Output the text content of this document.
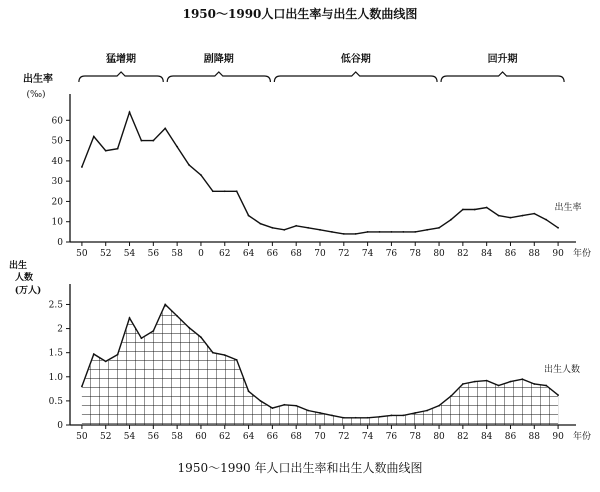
1950～1990人口出生率与出生人数曲线图
猛增期	剧降期	低谷期	回升期
0
10
20
30
40
50
60
50 52 54 56 58 0 62 64 66 68 70 72 74 76 78 80 82 84 86 88 90 年份
出生率
(‰)
出生率
0
0.5
1.0
1.5
2
2.5
50 52 54 56 58 60 62 64 66 68 70 72 74 76 78 80 82 84 86 88 90 年份
出生
人数
(万人)
出生人数
1950～1990 年人口出生率和出生人数曲线图
